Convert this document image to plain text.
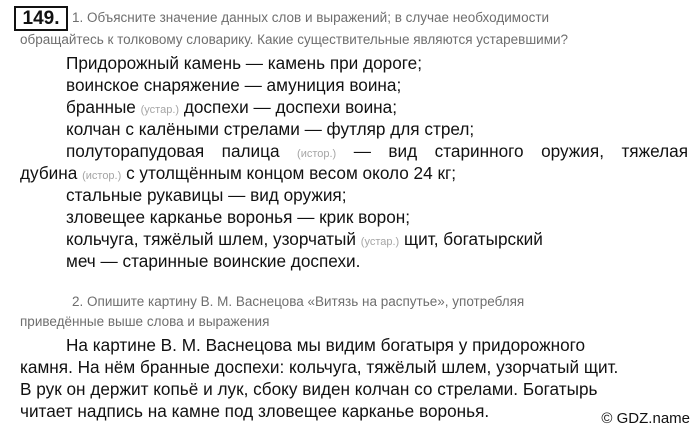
149. 1. Объясните значение данных слов и выражений; в случае необходимости
обращайтесь к толковому словарику. Какие существительные являются устаревшими?
Придорожный камень — камень при дороге;
воинское снаряжение — амуниция воина;
бранные (устар.) доспехи — доспехи воина;
колчан с калёными стрелами — футляр для стрел;
полуторапудовая палица (истор.) — вид старинного оружия, тяжелая
дубина (истор.) с утолщённым концом весом около 24 кг;
стальные рукавицы — вид оружия;
зловещее карканье воронья — крик ворон;
кольчуга, тяжёлый шлем, узорчатый (устар.) щит, богатырский
меч — старинные воинские доспехи.
2. Опишите картину В. М. Васнецова «Витязь на распутье», употребляя
приведённые выше слова и выражения
На картине В. М. Васнецова мы видим богатыря у придорожного
камня. На нём бранные доспехи: кольчуга, тяжёлый шлем, узорчатый щит.
В рук он держит копьё и лук, сбоку виден колчан со стрелами. Богатырь
читает надпись на камне под зловещее карканье воронья.	© GDZ.name
